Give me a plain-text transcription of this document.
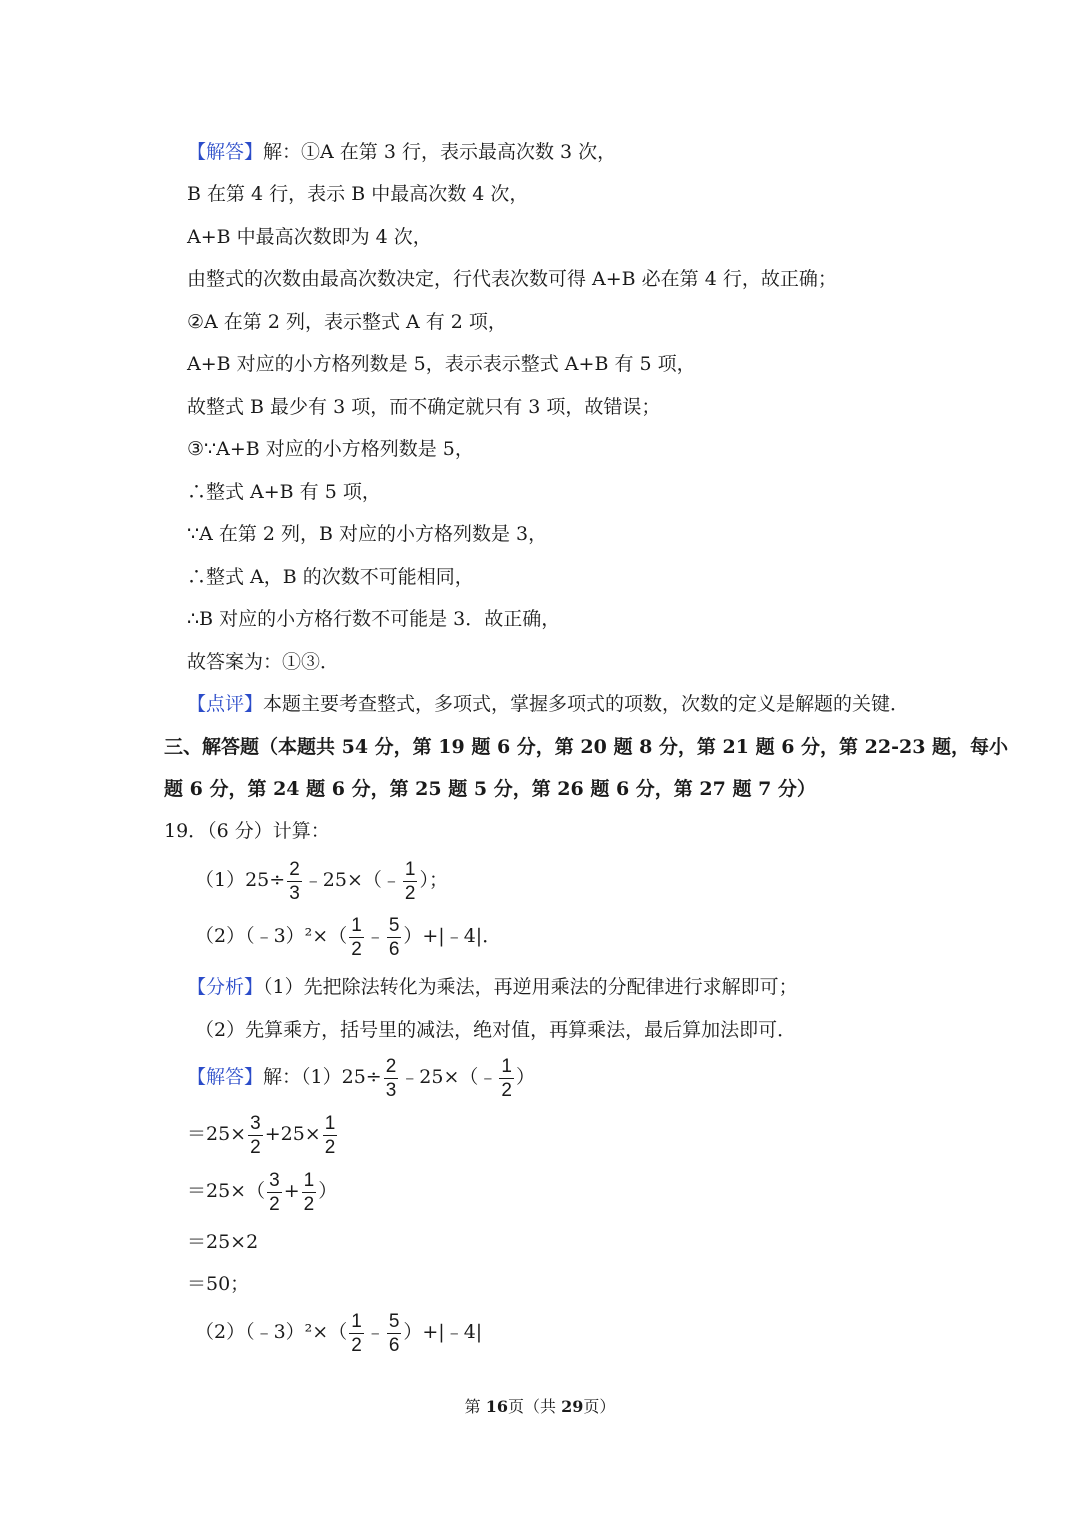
【解答】解：①A 在第 3 行，表示最高次数 3 次，
B 在第 4 行，表示 B 中最高次数 4 次，
A+B 中最高次数即为 4 次，
由整式的次数由最高次数决定，行代表次数可得 A+B 必在第 4 行，故正确；
②A 在第 2 列，表示整式 A 有 2 项，
A+B 对应的小方格列数是 5，表示表示整式 A+B 有 5 项，
故整式 B 最少有 3 项，而不确定就只有 3 项，故错误；
③∵A+B 对应的小方格列数是 5，
∴整式 A+B 有 5 项，
∵A 在第 2 列，B 对应的小方格列数是 3，
∴整式 A，B 的次数不可能相同，
∴B 对应的小方格行数不可能是 3．故正确，
故答案为：①③．
【点评】本题主要考查整式，多项式，掌握多项式的项数，次数的定义是解题的关键．
三、解答题（本题共 54 分，第 19 题 6 分，第 20 题 8 分，第 21 题 6 分，第 22-23 题，每小
题 6 分，第 24 题 6 分，第 25 题 5 分，第 26 题 6 分，第 27 题 7 分）
19．（6 分）计算：
$(1)25\div \frac{2}{3}$ ﹣25×（﹣ $\frac{1}{2}$ ）；
（2）（﹣3）²×（ $\frac{1}{2}$ ﹣ $\frac{5}{6}$ ）+|﹣4|．
【分析】（1）先把除法转化为乘法，再逆用乘法的分配律进行求解即可；
（2）先算乘方，括号里的减法，绝对值，再算乘法，最后算加法即可．
【解答】解：$(1)25\div \frac{2}{3}$ ﹣25×（﹣ $\frac{1}{2}$ ）
$=25\times \frac{3}{2} +25\times \frac{1}{2}$
$=25\times( \frac{3}{2} + \frac{1}{2}$ ）
＝25×2
＝50；
（2）（﹣3）²×（ $\frac{1}{2}$ ﹣ $\frac{5}{6}$ ）+|﹣4|
第 16页（共 29页）
